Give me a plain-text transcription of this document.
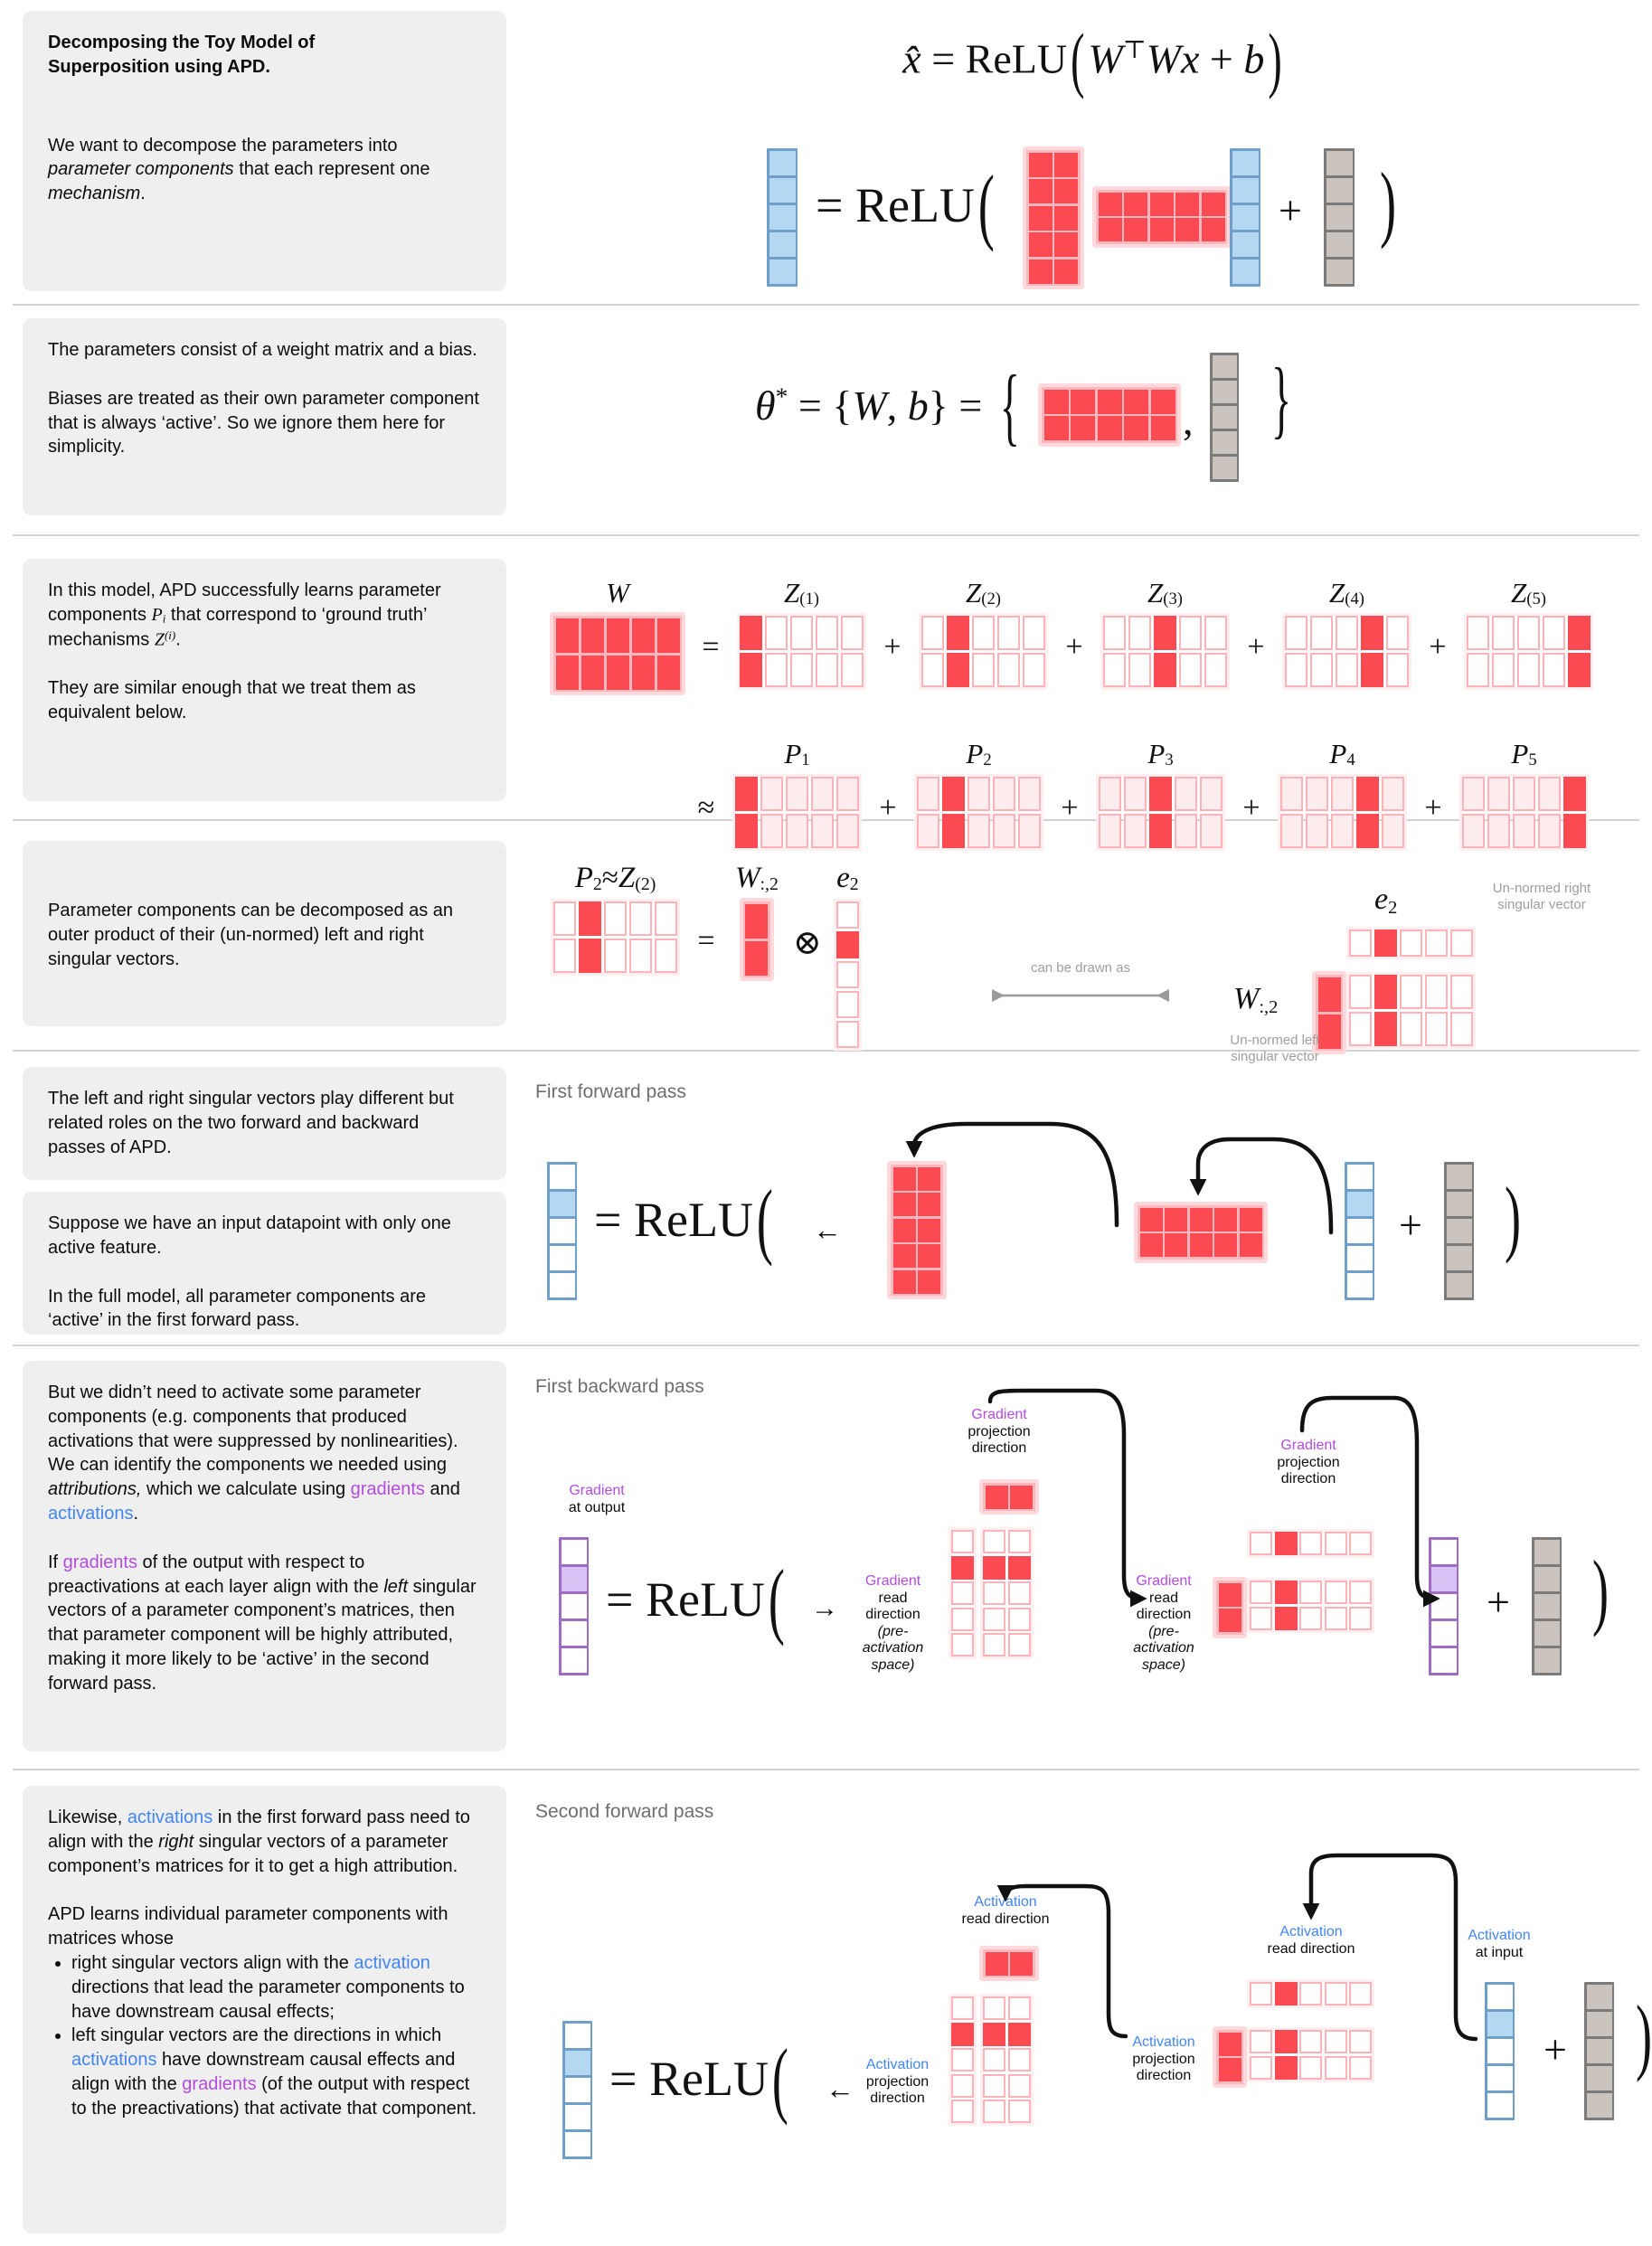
Decomposing the Toy Model of
Superposition using APD.

We want to decompose the parameters into parameter components that each represent one mechanism.

x̂ = ReLU(W⊤Wx + b)
= ReLU(	+ )

The parameters consist of a weight matrix and a bias.

Biases are treated as their own parameter component that is always ‘active’. So we ignore them here for simplicity.

θ* = {W, b} = {	, }

In this model, APD successfully learns parameter components Pi that correspond to ‘ground truth’ mechanisms $Z^{(i)}$.

They are similar enough that we treat them as equivalent below.

W
=
Z (1)
+
Z (2)
+
Z (3)
+
Z (4)
+
Z (5)
≈
P 1
+
P 2
+
P 3
+
P 4
+
P 5

Parameter components can be decomposed as an outer product of their (un-normed) left and right singular vectors.

P 2 ≈ Z (2)
=
W :,2
⊗
e 2
can be drawn as
e2
Un-normed right singular vector
W:,2
Un-normed left singular vector

The left and right singular vectors play different but related roles on the two forward and backward passes of APD.

Suppose we have an input datapoint with only one active feature.

In the full model, all parameter components are ‘active’ in the first forward pass.

First forward pass
= ReLU( ←	+ )

But we didn’t need to activate some parameter components (e.g. components that produced activations that were suppressed by nonlinearities). We can identify the components we needed using attributions, which we calculate using gradients and activations.

If gradients of the output with respect to preactivations at each layer align with the left singular vectors of a parameter component’s matrices, then that parameter component will be highly attributed, making it more likely to be ‘active’ in the second forward pass.

First backward pass
Gradient
at output
= ReLU( →
Gradient
read
direction
(pre-
activation
space)
Gradient
projection
direction
Gradient
read
direction
(pre-
activation
space)
Gradient
projection
direction
+ )

Likewise, activations in the first forward pass need to align with the right singular vectors of a parameter component’s matrices for it to get a high attribution.

APD learns individual parameter components with matrices whose

• right singular vectors align with the activation directions that lead the parameter components to have downstream causal effects;
• left singular vectors are the directions in which activations have downstream causal effects and align with the gradients (of the output with respect to the preactivations) that activate that component.
Second forward pass
= ReLU( ←
Activation
projection
direction
Activation
read direction
Activation
projection
direction
Activation
read direction
Activation
at input
+ )
